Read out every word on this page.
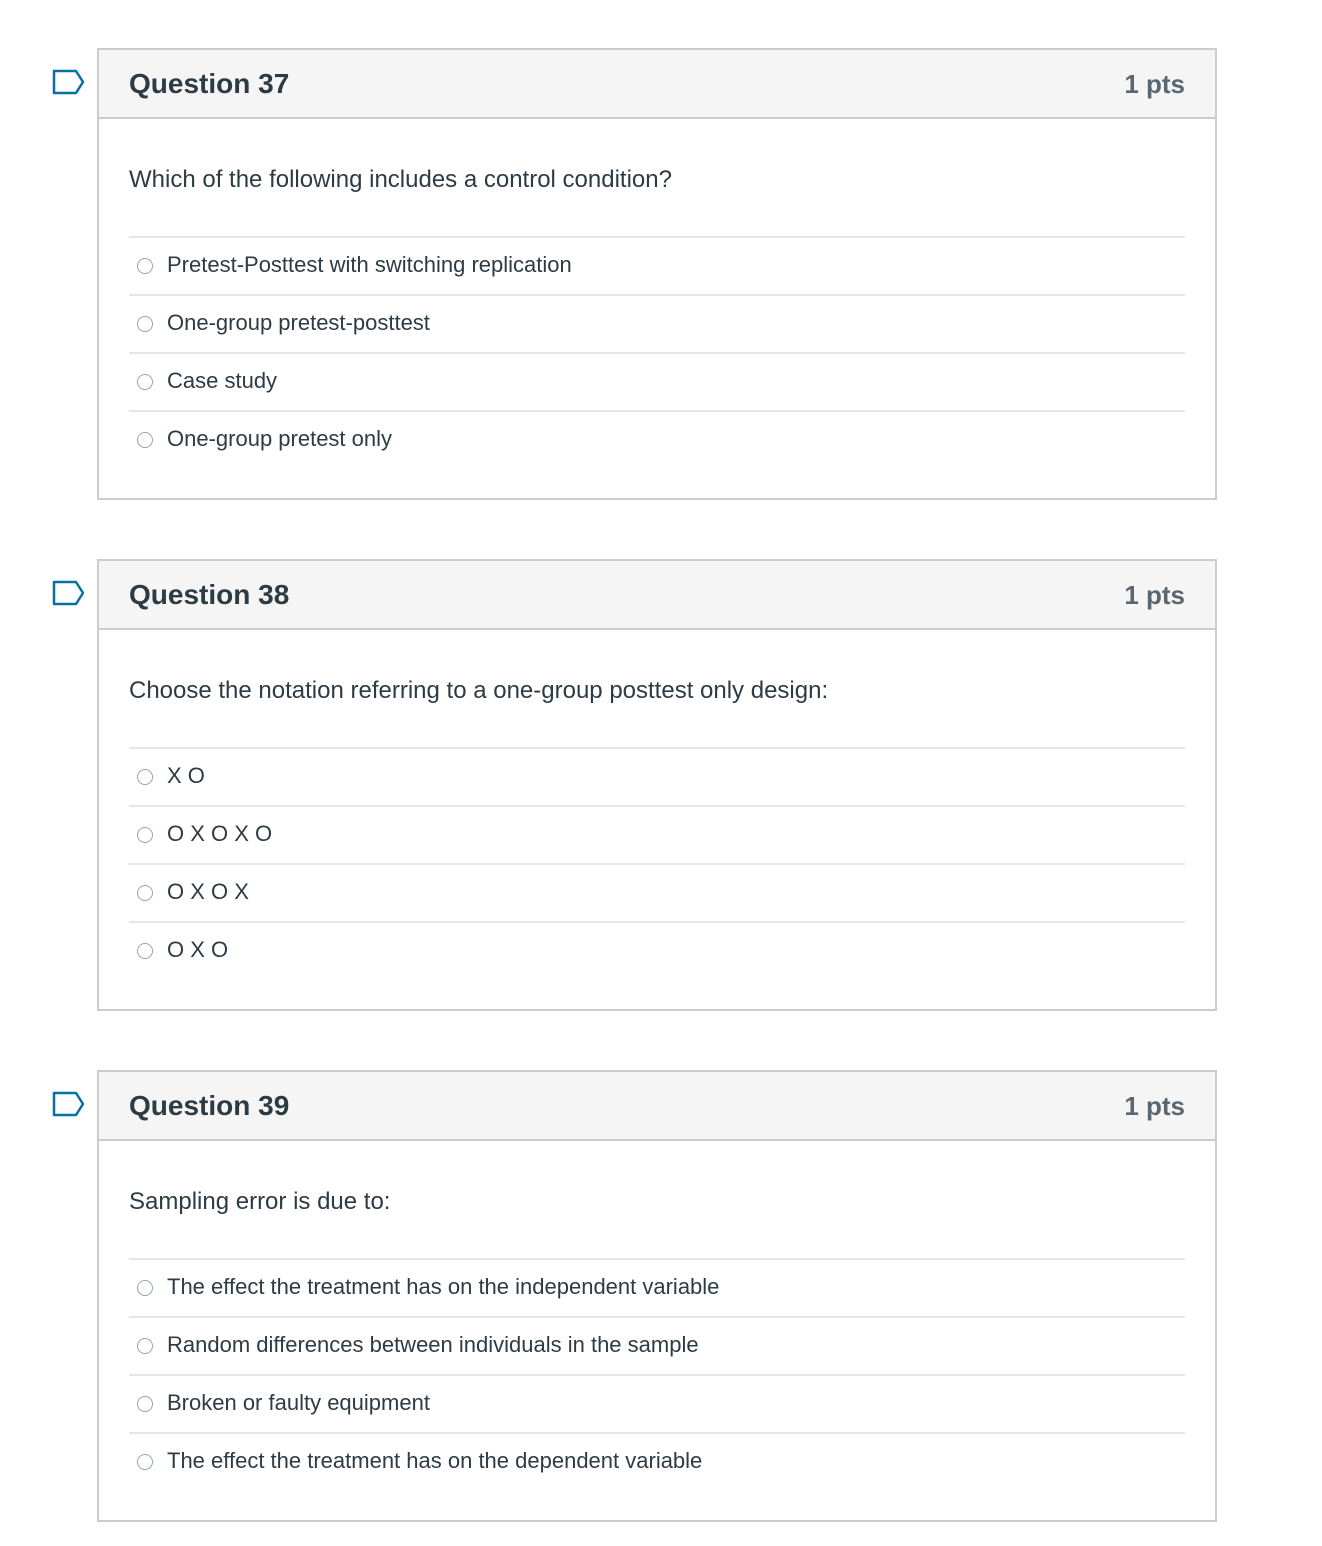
Question 37	1 pts
Which of the following includes a control condition?
Pretest-Posttest with switching replication
One-group pretest-posttest
Case study
One-group pretest only
Question 38	1 pts
Choose the notation referring to a one-group posttest only design:
X O
O X O X O
O X O X
O X O
Question 39	1 pts
Sampling error is due to:
The effect the treatment has on the independent variable
Random differences between individuals in the sample
Broken or faulty equipment
The effect the treatment has on the dependent variable
